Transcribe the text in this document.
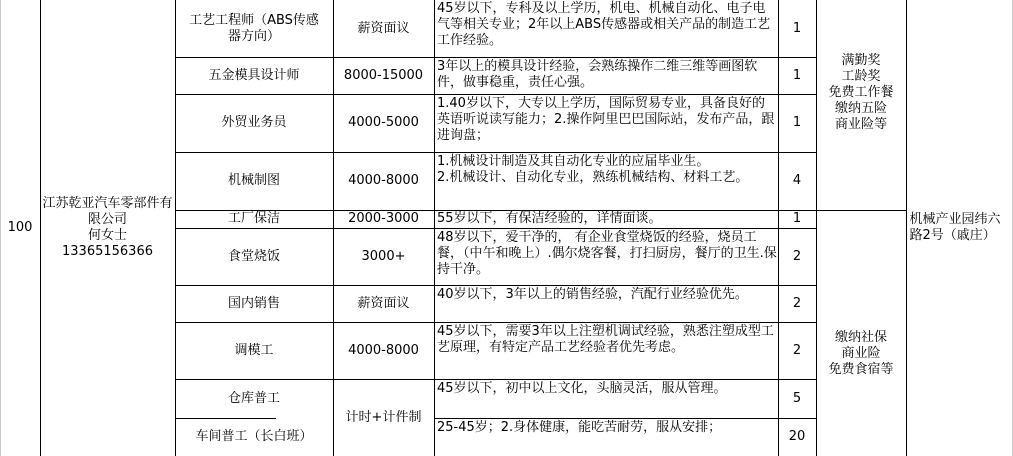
100
江苏乾亚汽车零部件有限公司
何女士
13365156366
工艺工程师（ABS传感器方向）
五金模具设计师
外贸业务员
机械制图
工厂保洁
食堂烧饭
国内销售
调模工
仓库普工
车间普工（长白班）
薪资面议
8000-15000
4000-5000
4000-8000
2000-3000
3000+
薪资面议
4000-8000
计时+计件制
45岁以下，专科及以上学历，机电、机械自动化、电子电气等相关专业；2年以上ABS传感器或相关产品的制造工艺工作经验。
3年以上的模具设计经验，会熟练操作二维三维等画图软件，做事稳重，责任心强。
1.40岁以下，大专以上学历，国际贸易专业，具备良好的英语听说读写能力；2.操作阿里巴巴国际站，发布产品，跟进询盘；
1.机械设计制造及其自动化专业的应届毕业生。
2.机械设计、自动化专业，熟练机械结构、材料工艺。
55岁以下，有保洁经验的，详情面谈。
48岁以下，爱干净的， 有企业食堂烧饭的经验，烧员工餐，（中午和晚上）.偶尔烧客餐，打扫厨房，餐厅的卫生.保持干净。
40岁以下，3年以上的销售经验，汽配行业经验优先。
45岁以下，需要3年以上注塑机调试经验，熟悉注塑成型工艺原理，有特定产品工艺经验者优先考虑。
45岁以下，初中以上文化，头脑灵活，服从管理。
25-45岁；2.身体健康，能吃苦耐劳，服从安排；
1
1
1
4
1
2
2
2
5
20
满勤奖
工龄奖
免费工作餐
缴纳五险
商业险等
缴纳社保
商业险
免费食宿等
机械产业园纬六路2号（戚庄）
